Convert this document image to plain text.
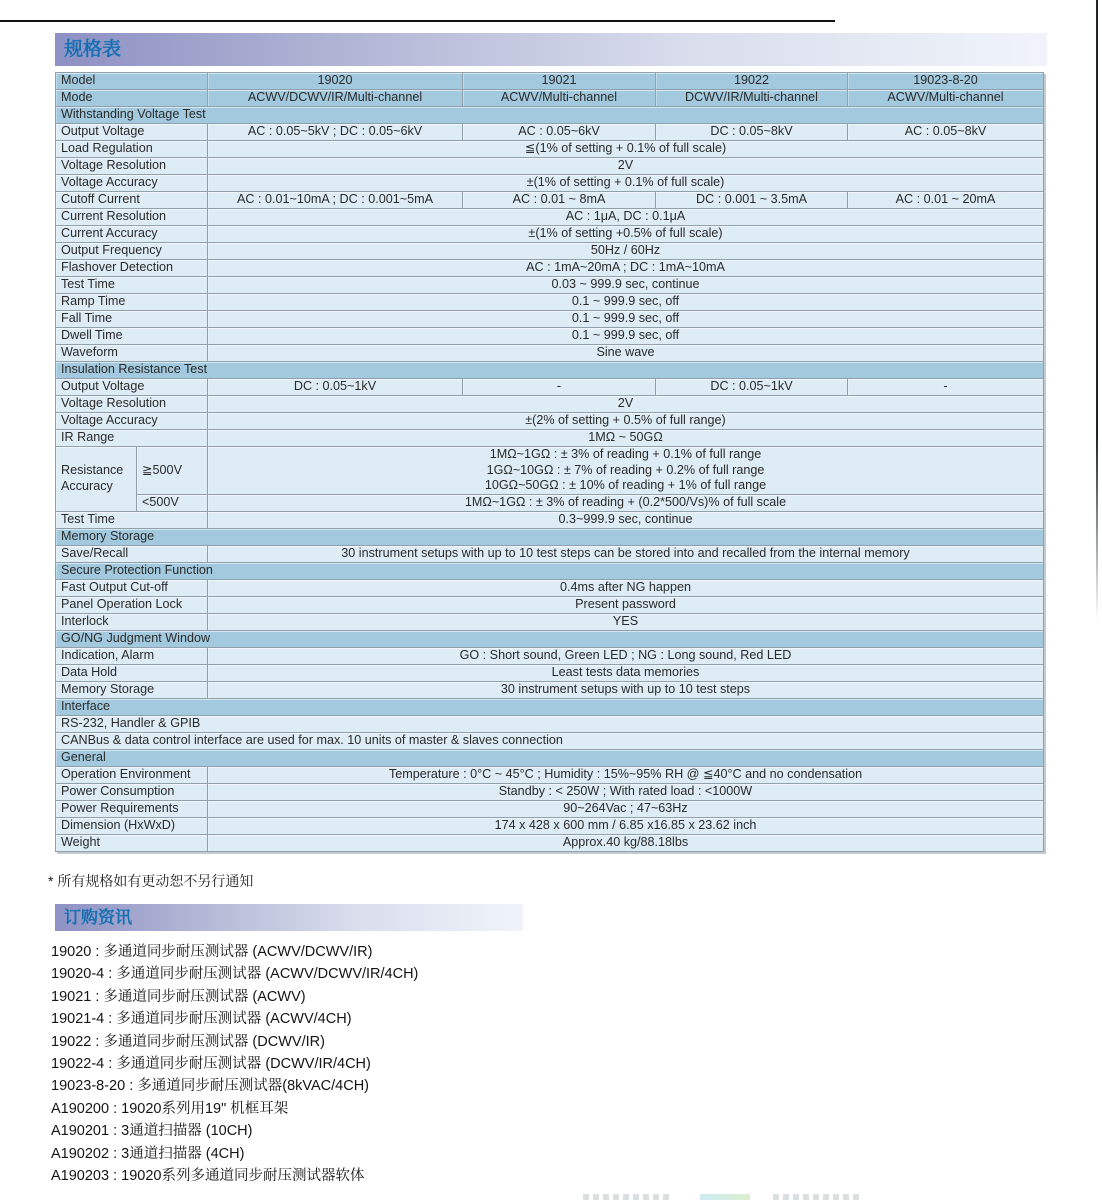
规格表
Model		19020	19021	19022	19023-8-20
Mode		ACWV/DCWV/IR/Multi-channel	ACWV/Multi-channel	DCWV/IR/Multi-channel	ACWV/Multi-channel
Withstanding Voltage Test					
Output Voltage		AC : 0.05~5kV ; DC : 0.05~6kV	AC : 0.05~6kV	DC : 0.05~8kV	AC : 0.05~8kV
Load Regulation		≦(1% of setting + 0.1% of full scale)			
Voltage Resolution		2V			
Voltage Accuracy		±(1% of setting + 0.1% of full scale)			
Cutoff Current		AC : 0.01~10mA ; DC : 0.001~5mA	AC : 0.01 ~ 8mA	DC : 0.001 ~ 3.5mA	AC : 0.01 ~ 20mA
Current Resolution		AC : 1μA, DC : 0.1μA			
Current Accuracy		±(1% of setting +0.5% of full scale)			
Output Frequency		50Hz / 60Hz			
Flashover Detection		AC : 1mA~20mA ; DC : 1mA~10mA			
Test Time		0.03 ~ 999.9 sec, continue			
Ramp Time		0.1 ~ 999.9 sec, off			
Fall Time		0.1 ~ 999.9 sec, off			
Dwell Time		0.1 ~ 999.9 sec, off			
Waveform		Sine wave			
Insulation Resistance Test					
Output Voltage		DC : 0.05~1kV	-	DC : 0.05~1kV	-
Voltage Resolution		2V			
Voltage Accuracy		±(2% of setting + 0.5% of full range)			
IR Range		1MΩ ~ 50GΩ			
Resistance Accuracy	≧500V	1MΩ~1GΩ : ± 3% of reading + 0.1% of full range
1GΩ~10GΩ : ± 7% of reading + 0.2% of full range
10GΩ~50GΩ : ± 10% of reading + 1% of full range			

	<500V	1MΩ~1GΩ : ± 3% of reading + (0.2*500/Vs)% of full scale			
Test Time		0.3~999.9 sec, continue			
Memory Storage					
Save/Recall		30 instrument setups with up to 10 test steps can be stored into and recalled from the internal memory			
Secure Protection Function					
Fast Output Cut-off		0.4ms after NG happen			
Panel Operation Lock		Present password			
Interlock		YES			
GO/NG Judgment Window					
Indication, Alarm		GO : Short sound, Green LED ; NG : Long sound, Red LED			
Data Hold		Least tests data memories			
Memory Storage		30 instrument setups with up to 10 test steps			
Interface					
RS-232, Handler & GPIB					
CANBus & data control interface are used for max. 10 units of master & slaves connection					
General					
Operation Environment		Temperature : 0°C ~ 45°C ; Humidity : 15%~95% RH @ ≦40°C and no condensation			
Power Consumption		Standby : < 250W ; With rated load : <1000W			
Power Requirements		90~264Vac ; 47~63Hz			
Dimension (HxWxD)		174 x 428 x 600 mm / 6.85 x16.85 x 23.62 inch			
Weight		Approx.40 kg/88.18lbs			
* 所有规格如有更动恕不另行通知
订购资讯
19020 : 多通道同步耐压测试器 (ACWV/DCWV/IR)
19020-4 : 多通道同步耐压测试器 (ACWV/DCWV/IR/4CH)
19021 : 多通道同步耐压测试器 (ACWV)
19021-4 : 多通道同步耐压测试器 (ACWV/4CH)
19022 : 多通道同步耐压测试器 (DCWV/IR)
19022-4 : 多通道同步耐压测试器 (DCWV/IR/4CH)
19023-8-20 : 多通道同步耐压测试器(8kVAC/4CH)
A190200 : 19020系列用19" 机框耳架
A190201 : 3通道扫描器 (10CH)
A190202 : 3通道扫描器 (4CH)
A190203 : 19020系列多通道同步耐压测试器软体
